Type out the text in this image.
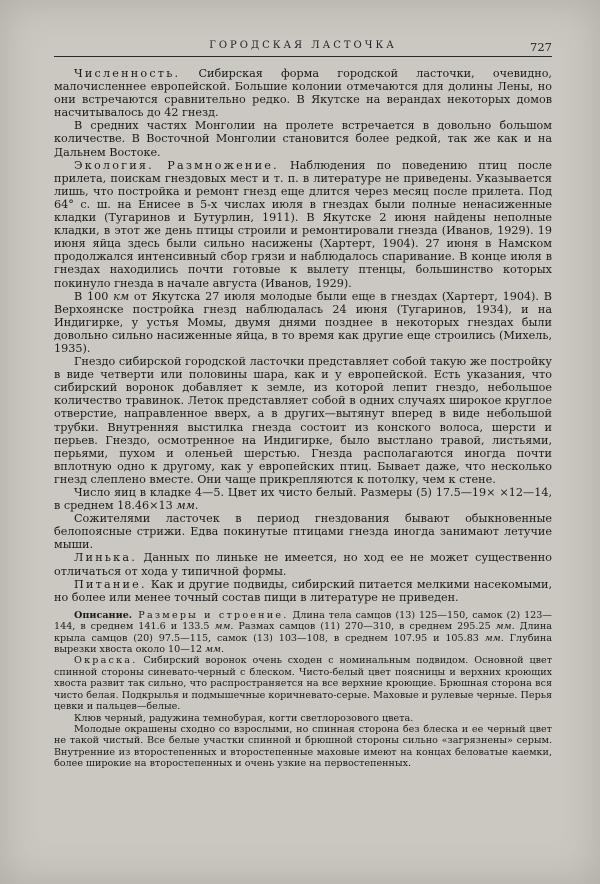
ГОРОДСКАЯ ЛАСТОЧКА	727

Численность. Сибирская форма городской ласточки, очевидно, малочисленнее европейской. Большие колонии отмечаются для долины Лены, но они встречаются сравнительно редко. В Якутске на верандах некоторых домов насчитывалось до 42 гнезд.

В средних частях Монголии на пролете встречается в довольно большом количестве. В Восточной Монголии становится более редкой, так же как и на Дальнем Востоке.

Экология. Размножение. Наблюдения по поведению птиц после прилета, поискам гнездовых мест и т. п. в литературе не приведены. Указывается лишь, что постройка и ремонт гнезд еще длится через месяц после прилета. Под 64° с. ш. на Енисее в 5-х числах июля в гнездах были полные ненасиженные кладки (Тугаринов и Бутурлин, 1911). В Якутске 2 июня найдены неполные кладки, в этот же день птицы строили и ремонтировали гнезда (Иванов, 1929). 19 июня яйца здесь были сильно насижены (Хартерт, 1904). 27 июня в Намском продолжался интенсивный сбор грязи и наблюдалось спаривание. В конце июля в гнездах находились почти готовые к вылету птенцы, большинство которых покинуло гнезда в начале августа (Иванов, 1929).

В 100 км от Якутска 27 июля молодые были еще в гнездах (Хартерт, 1904). В Верхоянске постройка гнезд наблюдалась 24 июня (Тугаринов, 1934), и на Индигирке, у устья Момы, двумя днями позднее в некоторых гнездах были довольно сильно насиженные яйца, в то время как другие еще строились (Михель, 1935).

Гнездо сибирской городской ласточки представляет собой такую же постройку в виде четверти или половины шара, как и у европейской. Есть указания, что сибирский воронок добавляет к земле, из которой лепит гнездо, небольшое количество травинок. Леток представляет собой в одних случаях широкое круглое отверстие, направленное вверх, а в других—вытянут вперед в виде небольшой трубки. Внутренняя выстилка гнезда состоит из конского волоса, шерсти и перьев. Гнездо, осмотренное на Индигирке, было выстлано травой, листьями, перьями, пухом и оленьей шерстью. Гнезда располагаются иногда почти вплотную одно к другому, как у европейских птиц. Бывает даже, что несколько гнезд слеплено вместе. Они чаще прикрепляются к потолку, чем к стене.

Число яиц в кладке 4—5. Цвет их чисто белый. Размеры (5) 17.5—19× ×12—14, в среднем 18.46×13 мм.

Сожителями ласточек в период гнездования бывают обыкновенные белопоясные стрижи. Едва покинутые птицами гнезда иногда занимают летучие мыши.

Линька. Данных по линьке не имеется, но ход ее не может существенно отличаться от хода у типичной формы.

Питание. Как и другие подвиды, сибирский питается мелкими насекомыми, но более или менее точный состав пищи в литературе не приведен.

Описание. Размеры и строение. Длина тела самцов (13) 125—150, самок (2) 123—144, в среднем 141.6 и 133.5 мм. Размах самцов (11) 270—310, в среднем 295.25 мм. Длина крыла самцов (20) 97.5—115, самок (13) 103—108, в среднем 107.95 и 105.83 мм. Глубина вырезки хвоста около 10—12 мм.

Окраска. Сибирский воронок очень сходен с номинальным подвидом. Основной цвет спинной стороны синевато-черный с блеском. Чисто-белый цвет поясницы и верхних кроющих хвоста развит так сильно, что распространяется на все верхние кроющие. Брюшная сторона вся чисто белая. Подкрылья и подмышечные коричневато-серые. Маховые и рулевые черные. Перья цевки и пальцев—белые.

Клюв черный, радужина темнобурая, когти светлорозового цвета.

Молодые окрашены сходно со взрослыми, но спинная сторона без блеска и ее черный цвет не такой чистый. Все белые участки спинной и брюшной стороны сильно «загрязнены» серым. Внутренние из второстепенных и второстепенные маховые имеют на концах беловатые каемки, более широкие на второстепенных и очень узкие на первостепенных.
